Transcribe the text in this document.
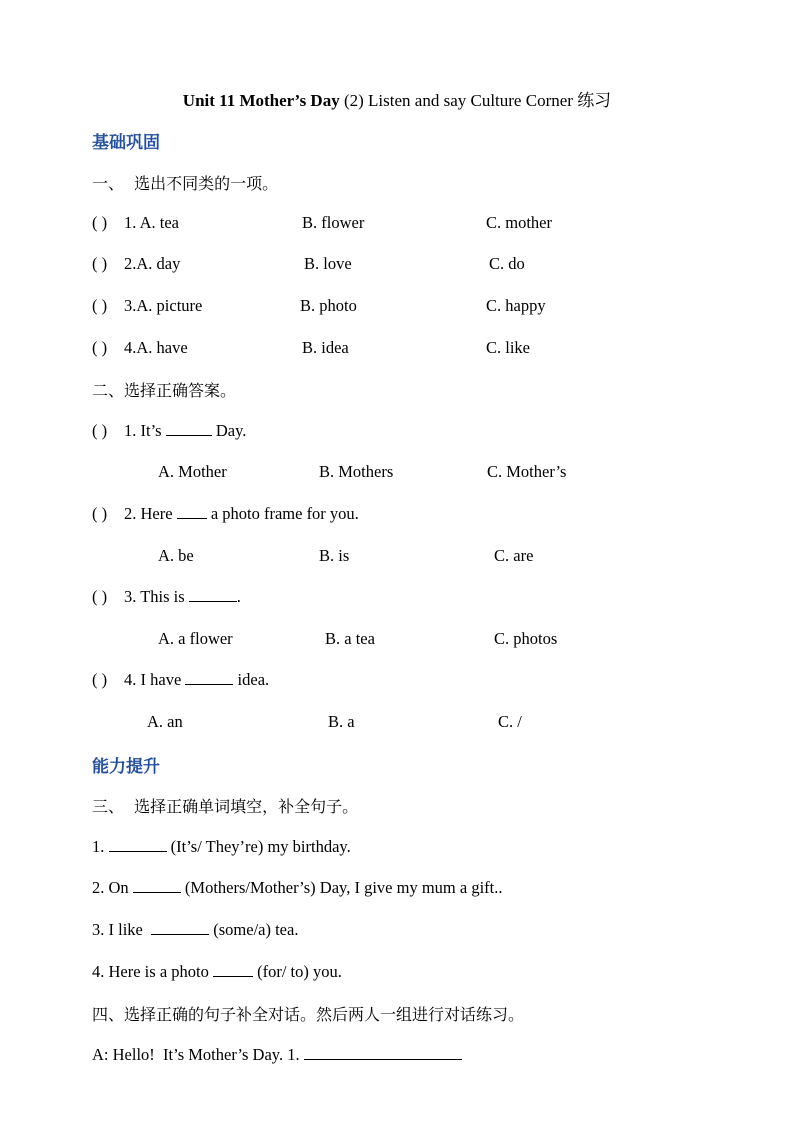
Unit 11 Mother’s Day (2) Listen and say Culture Corner 练习
基础巩固
一、  选出不同类的一项。
( ) 1. A. tea	B. flower	C. mother
( ) 2.A. day	B. love	C. do
( ) 3.A. picture	B. photo	C. happy
( ) 4.A. have	B. idea	C. like
二、选择正确答案。
( ) 1. It’s	Day.
A. Mother	B. Mothers	C. Mother’s
( ) 2. Here  a photo frame for you.
A. be	B. is	C. are
( ) 3. This is	.
A. a flower	B. a tea	C. photos
( ) 4. I have	idea.
A. an	B. a	C. /
能力提升
三、  选择正确单词填空，补全句子。
1.	(It’s/ They’re) my birthday.
2. On	(Mothers/Mother’s) Day, I give my mum a gift..
3. I like	(some/a) tea.
4. Here is a photo  (for/ to) you.
四、选择正确的句子补全对话。然后两人一组进行对话练习。
A: Hello!  It’s Mother’s Day. 1.
